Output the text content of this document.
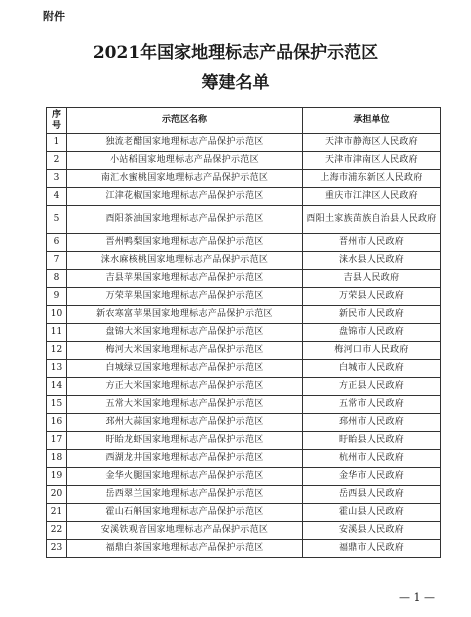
附件
2021年国家地理标志产品保护示范区
筹建名单
序号	示范区名称	承担单位
1	独流老醋国家地理标志产品保护示范区	天津市静海区人民政府
2	小站稻国家地理标志产品保护示范区	天津市津南区人民政府
3	南汇水蜜桃国家地理标志产品保护示范区	上海市浦东新区人民政府
4	江津花椒国家地理标志产品保护示范区	重庆市江津区人民政府
5	酉阳茶油国家地理标志产品保护示范区	酉阳土家族苗族自治县人民政府
6	晋州鸭梨国家地理标志产品保护示范区	晋州市人民政府
7	涞水麻核桃国家地理标志产品保护示范区	涞水县人民政府
8	吉县苹果国家地理标志产品保护示范区	吉县人民政府
9	万荣苹果国家地理标志产品保护示范区	万荣县人民政府
10	新农寒富苹果国家地理标志产品保护示范区	新民市人民政府
11	盘锦大米国家地理标志产品保护示范区	盘锦市人民政府
12	梅河大米国家地理标志产品保护示范区	梅河口市人民政府
13	白城绿豆国家地理标志产品保护示范区	白城市人民政府
14	方正大米国家地理标志产品保护示范区	方正县人民政府
15	五常大米国家地理标志产品保护示范区	五常市人民政府
16	邳州大蒜国家地理标志产品保护示范区	邳州市人民政府
17	盱眙龙虾国家地理标志产品保护示范区	盱眙县人民政府
18	西湖龙井国家地理标志产品保护示范区	杭州市人民政府
19	金华火腿国家地理标志产品保护示范区	金华市人民政府
20	岳西翠兰国家地理标志产品保护示范区	岳西县人民政府
21	霍山石斛国家地理标志产品保护示范区	霍山县人民政府
22	安溪铁观音国家地理标志产品保护示范区	安溪县人民政府
23	福鼎白茶国家地理标志产品保护示范区	福鼎市人民政府
— 1 —
